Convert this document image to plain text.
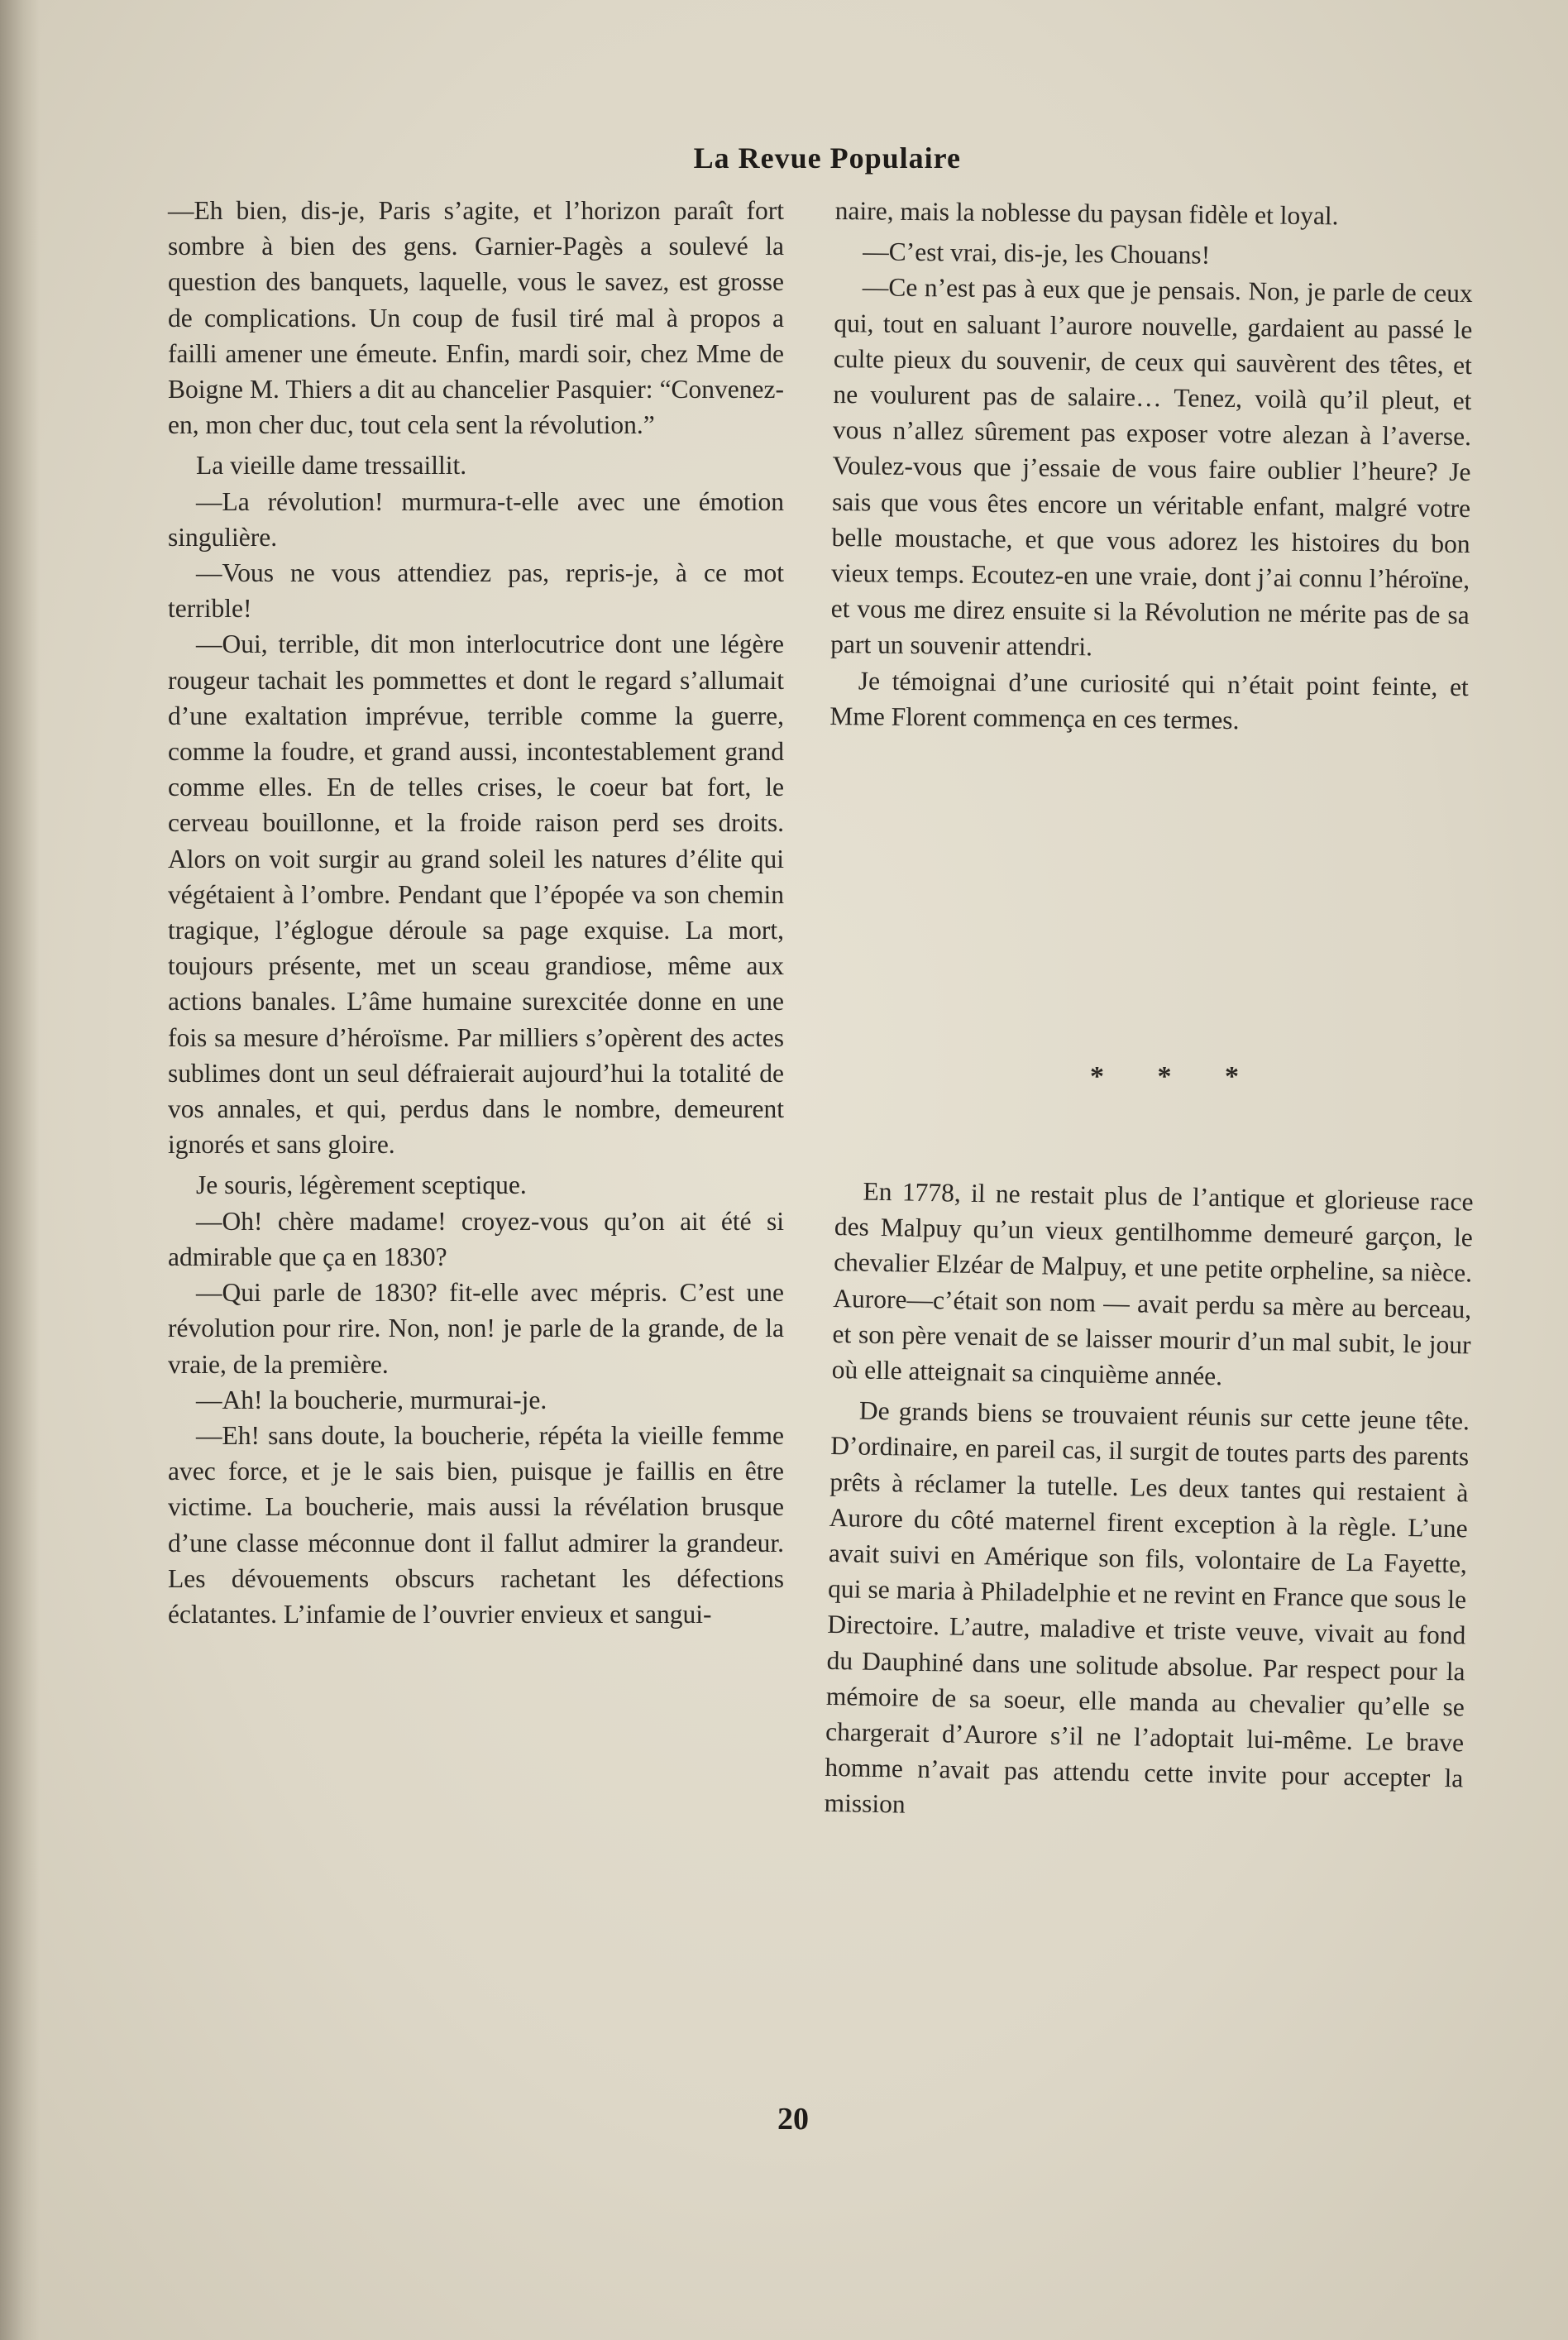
La Revue Populaire

—Eh bien, dis-je, Paris s’agite, et l’horizon paraît fort sombre à bien des gens. Garnier-Pagès a soulevé la question des banquets, laquelle, vous le savez, est grosse de complications. Un coup de fusil tiré mal à propos a failli amener une émeute. Enfin, mardi soir, chez Mme de Boigne M. Thiers a dit au chancelier Pasquier: “Convenez-en, mon cher duc, tout cela sent la révolution.”

La vieille dame tressaillit.

—La révolution! murmura-t-elle avec une émotion singulière.

—Vous ne vous attendiez pas, repris-je, à ce mot terrible!

—Oui, terrible, dit mon interlocutrice dont une légère rougeur tachait les pommettes et dont le regard s’allumait d’une exaltation imprévue, terrible comme la guerre, comme la foudre, et grand aussi, incontestablement grand comme elles. En de telles crises, le coeur bat fort, le cerveau bouillonne, et la froide raison perd ses droits. Alors on voit surgir au grand soleil les natures d’élite qui végétaient à l’ombre. Pendant que l’épopée va son chemin tragique, l’églogue déroule sa page exquise. La mort, toujours présente, met un sceau grandiose, même aux actions banales. L’âme humaine surexcitée donne en une fois sa mesure d’héroïsme. Par milliers s’opèrent des actes sublimes dont un seul défraierait aujourd’hui la totalité de vos annales, et qui, perdus dans le nombre, demeurent ignorés et sans gloire.

Je souris, légèrement sceptique.

—Oh! chère madame! croyez-vous qu’on ait été si admirable que ça en 1830?

—Qui parle de 1830? fit-elle avec mépris. C’est une révolution pour rire. Non, non! je parle de la grande, de la vraie, de la première.

—Ah! la boucherie, murmurai-je.

—Eh! sans doute, la boucherie, répéta la vieille femme avec force, et je le sais bien, puisque je faillis en être victime. La boucherie, mais aussi la révélation brusque d’une classe méconnue dont il fallut admirer la grandeur. Les dévouements obscurs rachetant les défections éclatantes. L’infamie de l’ouvrier envieux et sangui-

naire, mais la noblesse du paysan fidèle et loyal.

—C’est vrai, dis-je, les Chouans!

—Ce n’est pas à eux que je pensais. Non, je parle de ceux qui, tout en saluant l’aurore nouvelle, gardaient au passé le culte pieux du souvenir, de ceux qui sauvèrent des têtes, et ne voulurent pas de salaire… Tenez, voilà qu’il pleut, et vous n’allez sûrement pas exposer votre alezan à l’averse. Voulez-vous que j’essaie de vous faire oublier l’heure? Je sais que vous êtes encore un véritable enfant, malgré votre belle moustache, et que vous adorez les histoires du bon vieux temps. Ecoutez-en une vraie, dont j’ai connu l’héroïne, et vous me direz ensuite si la Révolution ne mérite pas de sa part un souvenir attendri.

Je témoignai d’une curiosité qui n’était point feinte, et Mme Florent commença en ces termes.

* * *

En 1778, il ne restait plus de l’antique et glorieuse race des Malpuy qu’un vieux gentilhomme demeuré garçon, le chevalier Elzéar de Malpuy, et une petite orpheline, sa nièce. Aurore—c’était son nom — avait perdu sa mère au berceau, et son père venait de se laisser mourir d’un mal subit, le jour où elle atteignait sa cinquième année.

De grands biens se trouvaient réunis sur cette jeune tête. D’ordinaire, en pareil cas, il surgit de toutes parts des parents prêts à réclamer la tutelle. Les deux tantes qui restaient à Aurore du côté maternel firent exception à la règle. L’une avait suivi en Amérique son fils, volontaire de La Fayette, qui se maria à Philadelphie et ne revint en France que sous le Directoire. L’autre, maladive et triste veuve, vivait au fond du Dauphiné dans une solitude absolue. Par respect pour la mémoire de sa soeur, elle manda au chevalier qu’elle se chargerait d’Aurore s’il ne l’adoptait lui-même. Le brave homme n’avait pas attendu cette invite pour accepter la mission

20
